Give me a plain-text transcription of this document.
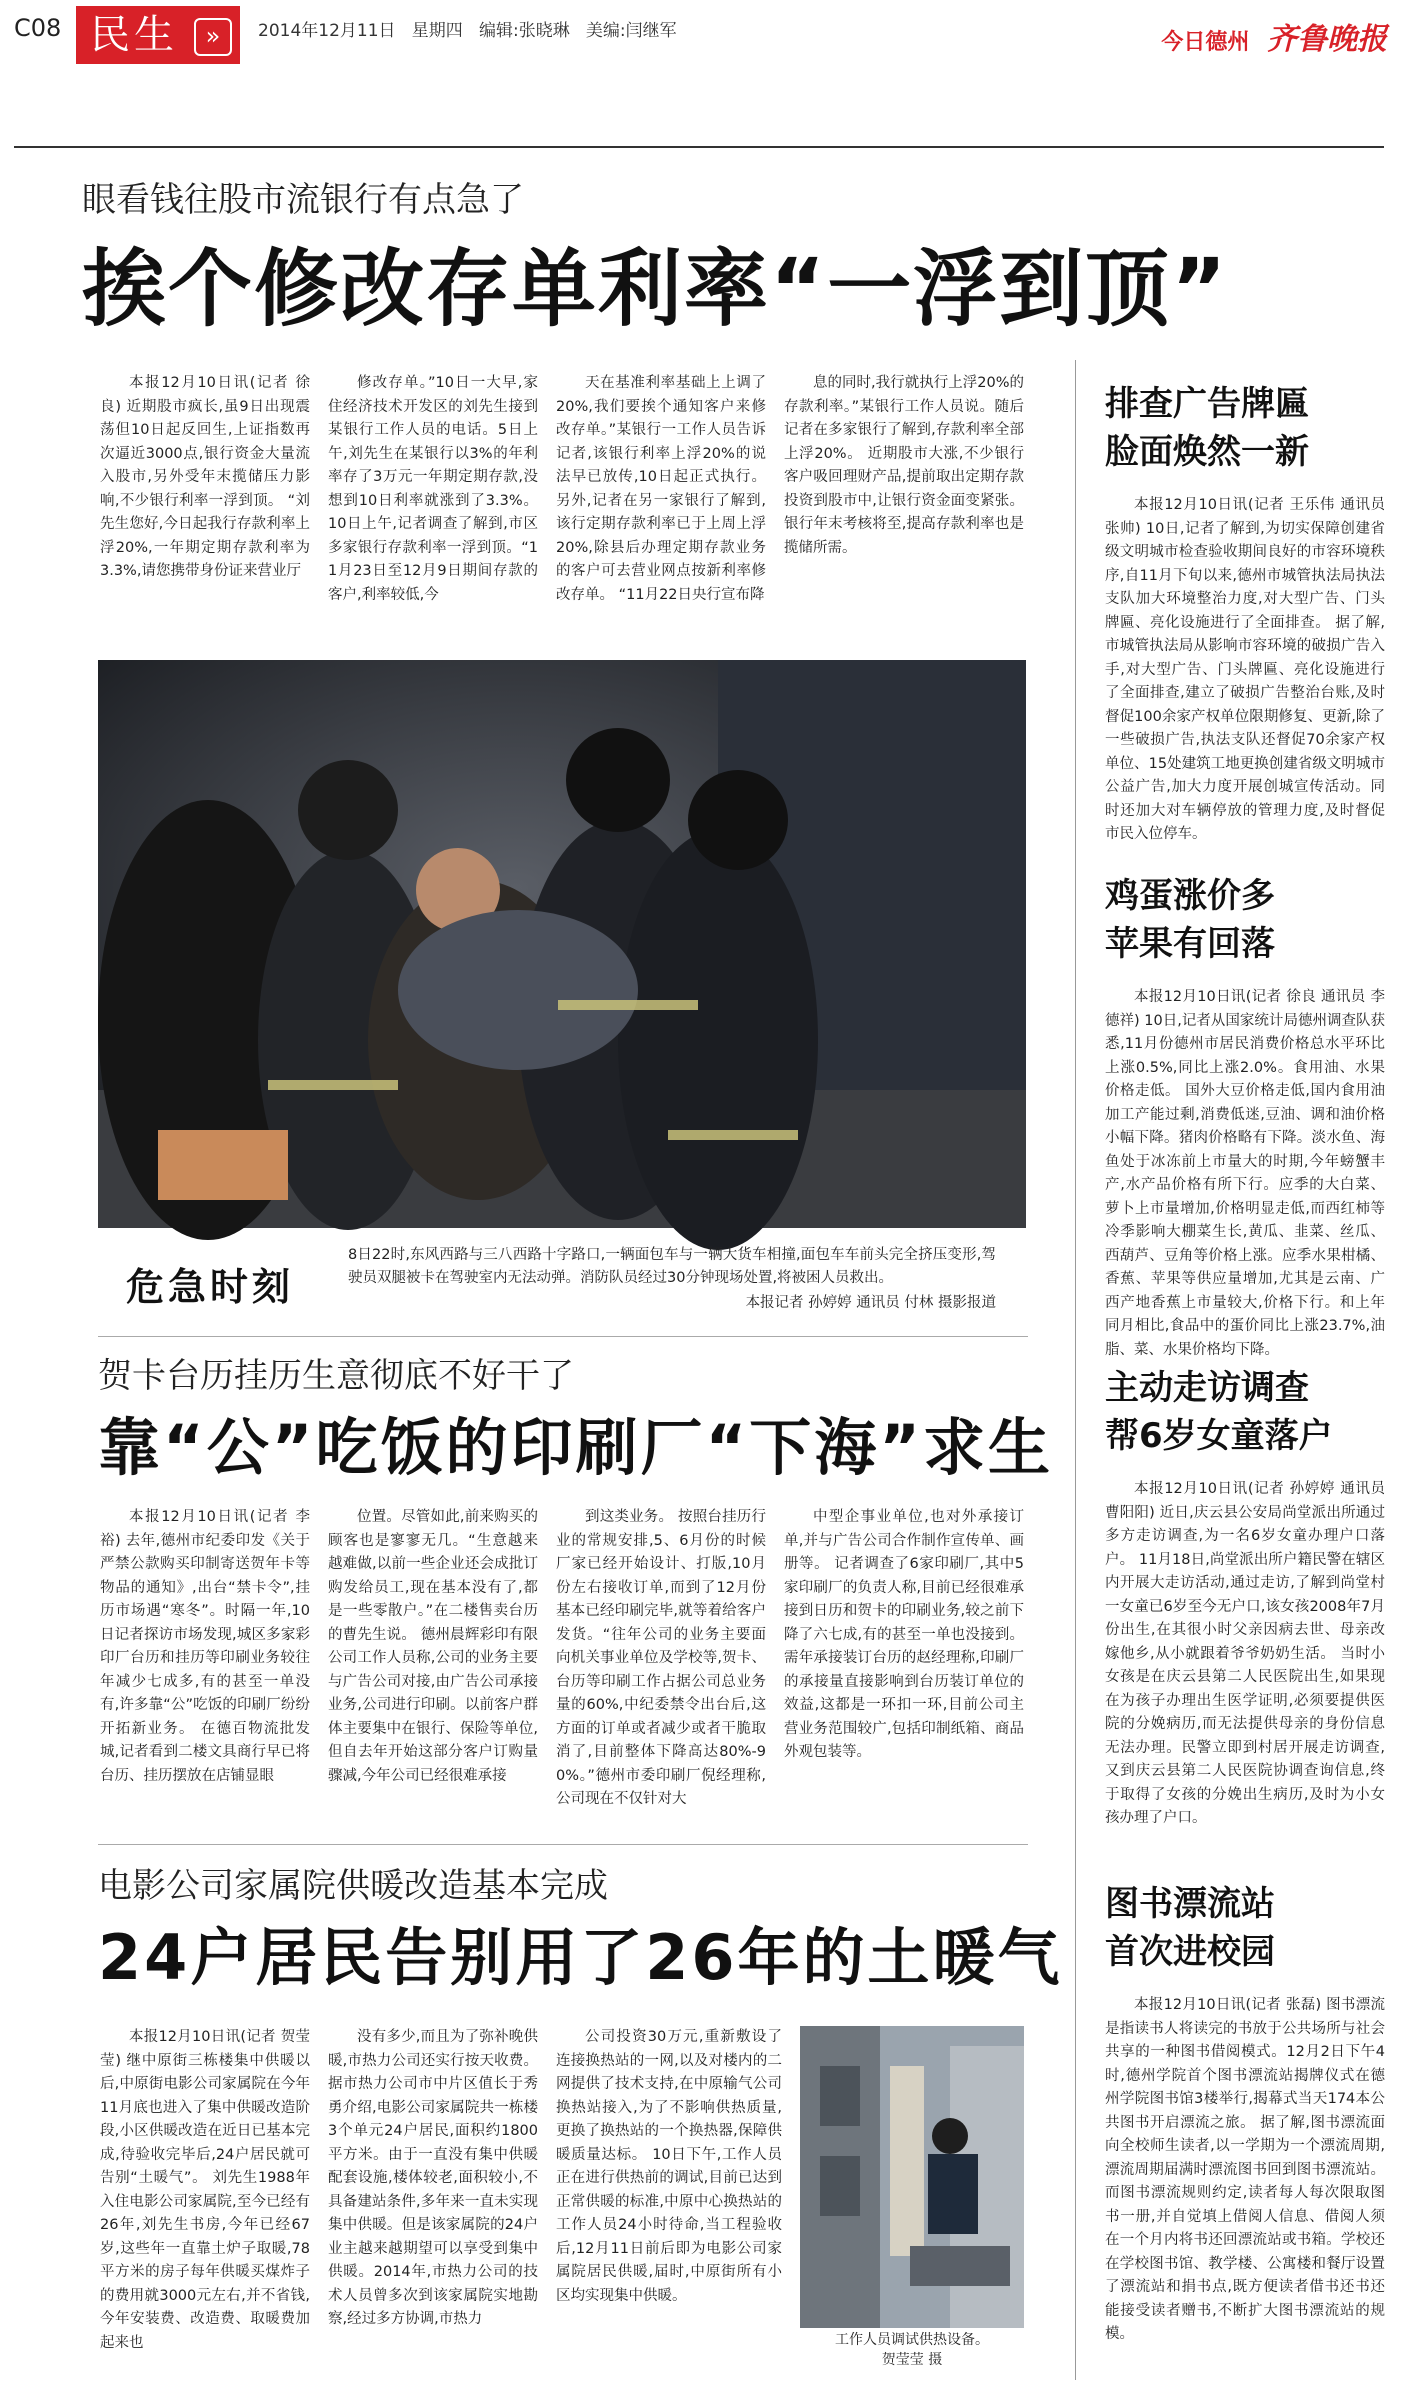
C08 民生	»	2014年12月11日 星期四 编辑:张晓琳 美编:闫继军	今日德州 齐鲁晚报
眼看钱往股市流银行有点急了
挨个修改存单利率“一浮到顶”

本报12月10日讯(记者 徐良) 近期股市疯长,虽9日出现震荡但10日起反回生,上证指数再次逼近3000点,银行资金大量流入股市,另外受年末揽储压力影响,不少银行利率一浮到顶。 “刘先生您好,今日起我行存款利率上浮20%,一年期定期存款利率为3.3%,请您携带身份证来营业厅

修改存单。”10日一大早,家住经济技术开发区的刘先生接到某银行工作人员的电话。5日上午,刘先生在某银行以3%的年利率存了3万元一年期定期存款,没想到10日利率就涨到了3.3%。 10日上午,记者调查了解到,市区多家银行存款利率一浮到顶。“11月23日至12月9日期间存款的客户,利率较低,今

天在基准利率基础上上调了20%,我们要挨个通知客户来修改存单。”某银行一工作人员告诉记者,该银行利率上浮20%的说法早已放传,10日起正式执行。另外,记者在另一家银行了解到,该行定期存款利率已于上周上浮20%,除县后办理定期存款业务的客户可去营业网点按新利率修改存单。 “11月22日央行宣布降

息的同时,我行就执行上浮20%的存款利率。”某银行工作人员说。随后记者在多家银行了解到,存款利率全部上浮20%。 近期股市大涨,不少银行客户吸回理财产品,提前取出定期存款投资到股市中,让银行资金面变紧张。银行年末考核将至,提高存款利率也是揽储所需。

危急时刻
8日22时,东风西路与三八西路十字路口,一辆面包车与一辆大货车相撞,面包车车前头完全挤压变形,驾驶员双腿被卡在驾驶室内无法动弹。消防队员经过30分钟现场处置,将被困人员救出。
本报记者 孙婷婷 通讯员 付林 摄影报道
贺卡台历挂历生意彻底不好干了
靠“公”吃饭的印刷厂“下海”求生

本报12月10日讯(记者 李裕) 去年,德州市纪委印发《关于严禁公款购买印制寄送贺年卡等物品的通知》,出台“禁卡令”,挂历市场遇“寒冬”。时隔一年,10日记者探访市场发现,城区多家彩印厂台历和挂历等印刷业务较往年减少七成多,有的甚至一单没有,许多靠“公”吃饭的印刷厂纷纷开拓新业务。 在德百物流批发城,记者看到二楼文具商行早已将台历、挂历摆放在店铺显眼

位置。尽管如此,前来购买的顾客也是寥寥无几。“生意越来越难做,以前一些企业还会成批订购发给员工,现在基本没有了,都是一些零散户。”在二楼售卖台历的曹先生说。 德州晨辉彩印有限公司工作人员称,公司的业务主要与广告公司对接,由广告公司承接业务,公司进行印刷。以前客户群体主要集中在银行、保险等单位,但自去年开始这部分客户订购量骤减,今年公司已经很难承接

到这类业务。 按照台挂历行业的常规安排,5、6月份的时候厂家已经开始设计、打版,10月份左右接收订单,而到了12月份基本已经印刷完毕,就等着给客户发货。“往年公司的业务主要面向机关事业单位及学校等,贺卡、台历等印刷工作占据公司总业务量的60%,中纪委禁令出台后,这方面的订单或者减少或者干脆取消了,目前整体下降高达80%-90%。”德州市委印刷厂倪经理称,公司现在不仅针对大

中型企事业单位,也对外承接订单,并与广告公司合作制作宣传单、画册等。 记者调查了6家印刷厂,其中5家印刷厂的负责人称,目前已经很难承接到日历和贺卡的印刷业务,较之前下降了六七成,有的甚至一单也没接到。需年承接装订台历的赵经理称,印刷厂的承接量直接影响到台历装订单位的效益,这都是一环扣一环,目前公司主营业务范围较广,包括印制纸箱、商品外观包装等。

电影公司家属院供暖改造基本完成
24户居民告别用了26年的土暖气

本报12月10日讯(记者 贺莹莹) 继中原街三栋楼集中供暖以后,中原街电影公司家属院在今年11月底也进入了集中供暖改造阶段,小区供暖改造在近日已基本完成,待验收完毕后,24户居民就可告别“土暖气”。 刘先生1988年入住电影公司家属院,至今已经有26年,刘先生书房,今年已经67岁,这些年一直靠土炉子取暖,78平方米的房子每年供暖买煤炸子的费用就3000元左右,并不省钱,今年安装费、改造费、取暖费加起来也

没有多少,而且为了弥补晚供暖,市热力公司还实行按天收费。 据市热力公司市中片区值长于秀勇介绍,电影公司家属院共一栋楼3个单元24户居民,面积约1800平方米。由于一直没有集中供暖配套设施,楼体较老,面积较小,不具备建站条件,多年来一直未实现集中供暖。但是该家属院的24户业主越来越期望可以享受到集中供暖。2014年,市热力公司的技术人员曾多次到该家属院实地勘察,经过多方协调,市热力

公司投资30万元,重新敷设了连接换热站的一网,以及对楼内的二网提供了技术支持,在中原输气公司换热站接入,为了不影响供热质量,更换了换热站的一个换热器,保障供暖质量达标。 10日下午,工作人员正在进行供热前的调试,目前已达到正常供暖的标准,中原中心换热站的工作人员24小时待命,当工程验收后,12月11日前后即为电影公司家属院居民供暖,届时,中原街所有小区均实现集中供暖。

工作人员调试供热设备。
贺莹莹 摄
排查广告牌匾
脸面焕然一新

本报12月10日讯(记者 王乐伟 通讯员 张帅) 10日,记者了解到,为切实保障创建省级文明城市检查验收期间良好的市容环境秩序,自11月下旬以来,德州市城管执法局执法支队加大环境整治力度,对大型广告、门头牌匾、亮化设施进行了全面排查。 据了解,市城管执法局从影响市容环境的破损广告入手,对大型广告、门头牌匾、亮化设施进行了全面排查,建立了破损广告整治台账,及时督促100余家产权单位限期修复、更新,除了一些破损广告,执法支队还督促70余家产权单位、15处建筑工地更换创建省级文明城市公益广告,加大力度开展创城宣传活动。同时还加大对车辆停放的管理力度,及时督促市民入位停车。

鸡蛋涨价多
苹果有回落

本报12月10日讯(记者 徐良 通讯员 李德祥) 10日,记者从国家统计局德州调查队获悉,11月份德州市居民消费价格总水平环比上涨0.5%,同比上涨2.0%。食用油、水果价格走低。 国外大豆价格走低,国内食用油加工产能过剩,消费低迷,豆油、调和油价格小幅下降。猪肉价格略有下降。淡水鱼、海鱼处于冰冻前上市量大的时期,今年螃蟹丰产,水产品价格有所下行。应季的大白菜、萝卜上市量增加,价格明显走低,而西红柿等冷季影响大棚菜生长,黄瓜、韭菜、丝瓜、西葫芦、豆角等价格上涨。应季水果柑橘、香蕉、苹果等供应量增加,尤其是云南、广西产地香蕉上市量较大,价格下行。和上年同月相比,食品中的蛋价同比上涨23.7%,油脂、菜、水果价格均下降。

主动走访调查
帮6岁女童落户

本报12月10日讯(记者 孙婷婷 通讯员 曹阳阳) 近日,庆云县公安局尚堂派出所通过多方走访调查,为一名6岁女童办理户口落户。 11月18日,尚堂派出所户籍民警在辖区内开展大走访活动,通过走访,了解到尚堂村一女童已6岁至今无户口,该女孩2008年7月份出生,在其很小时父亲因病去世、母亲改嫁他乡,从小就跟着爷爷奶奶生活。 当时小女孩是在庆云县第二人民医院出生,如果现在为孩子办理出生医学证明,必须要提供医院的分娩病历,而无法提供母亲的身份信息无法办理。民警立即到村居开展走访调查,又到庆云县第二人民医院协调查询信息,终于取得了女孩的分娩出生病历,及时为小女孩办理了户口。

图书漂流站
首次进校园

本报12月10日讯(记者 张磊) 图书漂流是指读书人将读完的书放于公共场所与社会共享的一种图书借阅模式。12月2日下午4时,德州学院首个图书漂流站揭牌仪式在德州学院图书馆3楼举行,揭幕式当天174本公共图书开启漂流之旅。 据了解,图书漂流面向全校师生读者,以一学期为一个漂流周期,漂流周期届满时漂流图书回到图书漂流站。而图书漂流规则约定,读者每人每次限取图书一册,并自觉填上借阅人信息、借阅人须在一个月内将书还回漂流站或书箱。学校还在学校图书馆、教学楼、公寓楼和餐厅设置了漂流站和捐书点,既方便读者借书还书还能接受读者赠书,不断扩大图书漂流站的规模。
